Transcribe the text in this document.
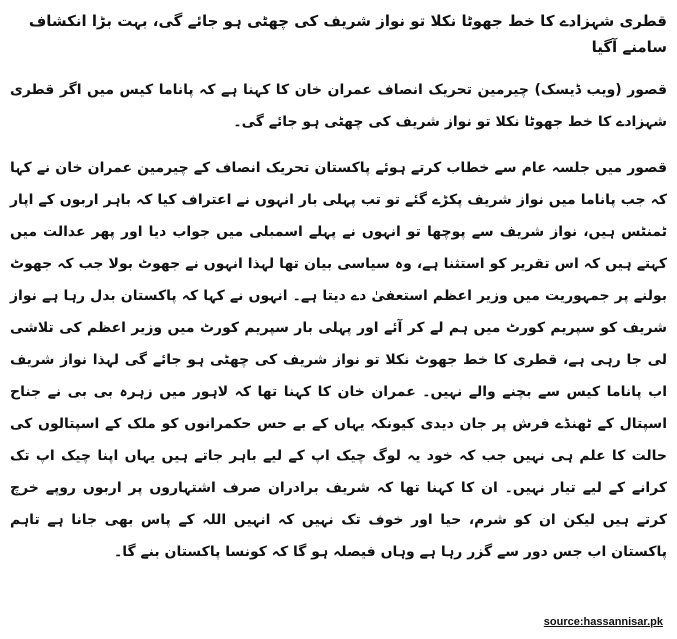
قطری شہزادے کا خط جھوٹا نکلا تو نواز شریف کی چھٹی ہو جائے گی، بہت بڑا انکشاف سامنے آگیا

قصور (ویب ڈیسک) چیرمین تحریک انصاف عمران خان کا کہنا ہے کہ پاناما کیس میں اگر قطری شہزادے کا خط جھوٹا نکلا تو نواز شریف کی چھٹی ہو جائے گی۔

قصور میں جلسہ عام سے خطاب کرتے ہوئے پاکستان تحریک انصاف کے چیرمین عمران خان نے کہا کہ جب پاناما میں نواز شریف پکڑے گئے تو تب پہلی بار انہوں نے اعتراف کیا کہ باہر اربوں کے اپار ٹمنٹس ہیں، نواز شریف سے پوچھا تو انہوں نے پہلے اسمبلی میں جواب دیا اور پھر عدالت میں کہتے ہیں کہ اس تقریر کو استثنا ہے، وہ سیاسی بیان تھا لہذا انہوں نے جھوٹ بولا جب کہ جھوٹ بولنے پر جمہوریت میں وزیر اعظم استعفیٰ دے دیتا ہے۔ انہوں نے کہا کہ پاکستان بدل رہا ہے نواز شریف کو سپریم کورٹ میں ہم لے کر آئے اور پہلی بار سپریم کورٹ میں وزیر اعظم کی تلاشی لی جا رہی ہے، قطری کا خط جھوٹ نکلا تو نواز شریف کی چھٹی ہو جائے گی لہذا نواز شریف اب پاناما کیس سے بچنے والے نہیں۔ عمران خان کا کہنا تھا کہ لاہور میں زہرہ بی بی نے جناح اسپتال کے ٹھنڈے فرش پر جان دیدی کیونکہ یہاں کے بے حس حکمرانوں کو ملک کے اسپتالوں کی حالت کا علم ہی نہیں جب کہ خود یہ لوگ چیک اپ کے لیے باہر جاتے ہیں یہاں اپنا چیک اپ تک کرانے کے لیے تیار نہیں۔ ان کا کہنا تھا کہ شریف برادران صرف اشتہاروں پر اربوں روپے خرچ کرتے ہیں لیکن ان کو شرم، حیا اور خوف تک نہیں کہ انہیں اللہ کے پاس بھی جانا ہے تاہم پاکستان اب جس دور سے گزر رہا ہے وہاں فیصلہ ہو گا کہ کونسا پاکستان بنے گا۔

source:hassannisar.pk
